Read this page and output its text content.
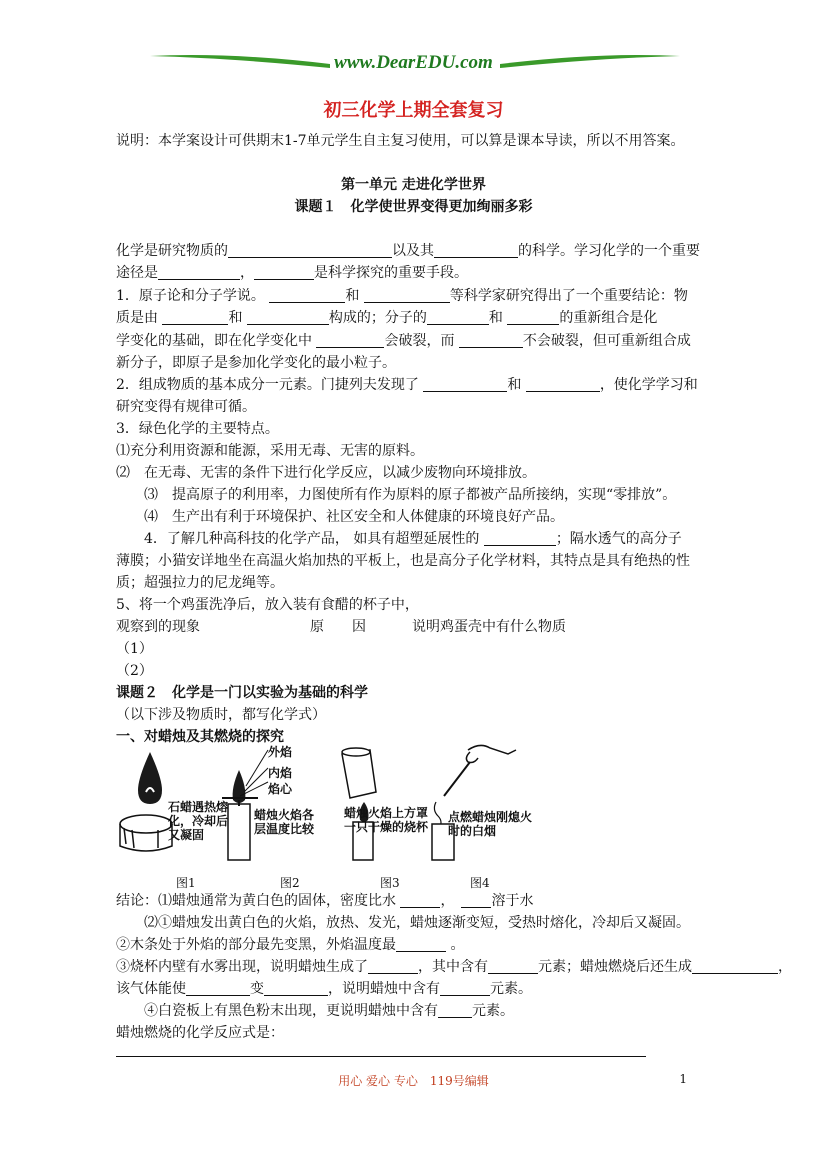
www.DearEDU.com
初三化学上期全套复习
说明：本学案设计可供期末1-7单元学生自主复习使用，可以算是课本导读，所以不用答案。
第一单元 走进化学世界
课题１　化学使世界变得更加绚丽多彩
化学是研究物质的	以及其	的科学。学习化学的一个重要
途径是	，	是科学探究的重要手段。
1．原子论和分子学说。	和	等科学家研究得出了一个重要结论：物
质是由	和	构成的；分子的	和	的重新组合是化
学变化的基础，即在化学变化中	会破裂，而	不会破裂，但可重新组合成
新分子，即原子是参加化学变化的最小粒子。
2．组成物质的基本成分一元素。门捷列夫发现了	和	，使化学学习和
研究变得有规律可循。
3．绿色化学的主要特点。
⑴充分利用资源和能源，采用无毒、无害的原料。
⑵　在无毒、无害的条件下进行化学反应，以减少废物向环境排放。
⑶　提高原子的利用率，力图使所有作为原料的原子都被产品所接纳，实现“零排放”。
⑷　生产出有利于环境保护、社区安全和人体健康的环境良好产品。
4．了解几种高科技的化学产品， 如具有超塑延展性的	；隔水透气的高分子
薄膜；小猫安详地坐在高温火焰加热的平板上，也是高分子化学材料，其特点是具有绝热的性
质；超强拉力的尼龙绳等。
5、将一个鸡蛋洗净后，放入装有食醋的杯子中，
观察到的现象	原　　因	说明鸡蛋壳中有什么物质
（1）
（2）
课题２　化学是一门以实验为基础的科学
（以下涉及物质时，都写化学式）
一、对蜡烛及其燃烧的探究
外焰
内焰
焰心
石蜡遇热熔化，冷却后又凝固
蜡烛火焰各层温度比较
蜡烛火焰上方罩一只干燥的烧杯
点燃蜡烛刚熄火时的白烟
图1	图2	图3	图4
结论：⑴蜡烛通常为黄白色的固体，密度比水	，　	溶于水
⑵①蜡烛发出黄白色的火焰，放热、发光，蜡烛逐渐变短，受热时熔化，冷却后又凝固。
②木条处于外焰的部分最先变黑，外焰温度最	。
③烧杯内壁有水雾出现，说明蜡烛生成了	，其中含有	元素；蜡烛燃烧后还生成	，
该气体能使	变	，说明蜡烛中含有	元素。
④白瓷板上有黑色粉末出现，更说明蜡烛中含有 元素。
蜡烛燃烧的化学反应式是：
用心 爱心 专心　119号编辑	1
